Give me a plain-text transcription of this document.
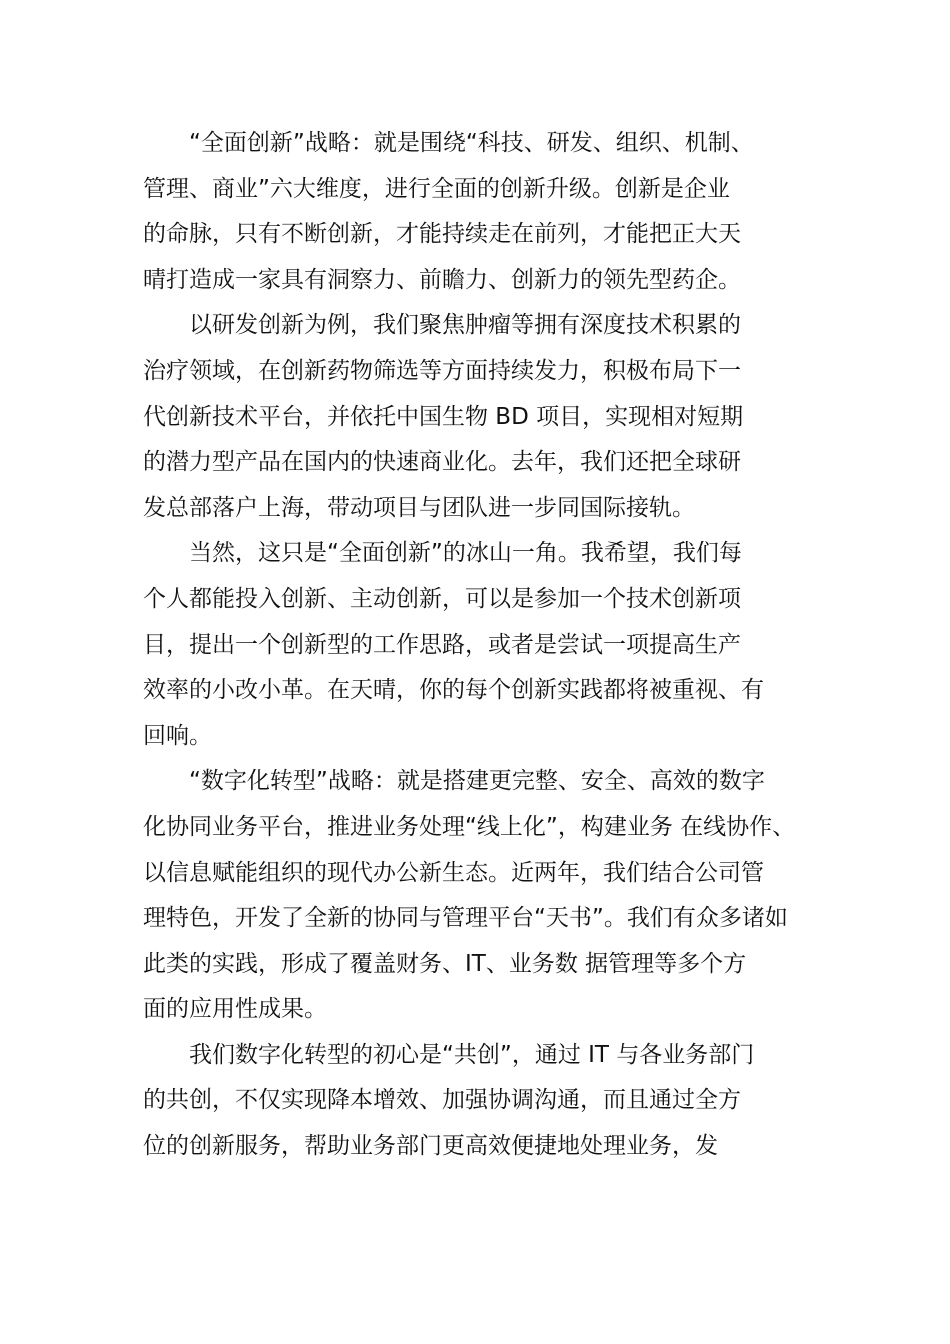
“全面创新”战略：就是围绕“科技、研发、组织、机制、
管理、商业”六大维度，进行全面的创新升级。创新是企业
的命脉，只有不断创新，才能持续走在前列，才能把正大天
晴打造成一家具有洞察力、前瞻力、创新力的领先型药企。
以研发创新为例，我们聚焦肿瘤等拥有深度技术积累的
治疗领域，在创新药物筛选等方面持续发力，积极布局下一
代创新技术平台，并依托中国生物 BD 项目，实现相对短期
的潜力型产品在国内的快速商业化。去年，我们还把全球研
发总部落户上海，带动项目与团队进一步同国际接轨。
当然，这只是“全面创新”的冰山一角。我希望，我们每
个人都能投入创新、主动创新，可以是参加一个技术创新项
目，提出一个创新型的工作思路，或者是尝试一项提高生产
效率的小改小革。在天晴，你的每个创新实践都将被重视、有
回响。
“数字化转型”战略：就是搭建更完整、安全、高效的数字
化协同业务平台，推进业务处理“线上化”，构建业务 在线协作、
以信息赋能组织的现代办公新生态。近两年，我们结合公司管
理特色，开发了全新的协同与管理平台“天书”。我们有众多诸如
此类的实践，形成了覆盖财务、IT、业务数 据管理等多个方
面的应用性成果。
我们数字化转型的初心是“共创”，通过 IT 与各业务部门
的共创，不仅实现降本增效、加强协调沟通，而且通过全方
位的创新服务，帮助业务部门更高效便捷地处理业务，发
